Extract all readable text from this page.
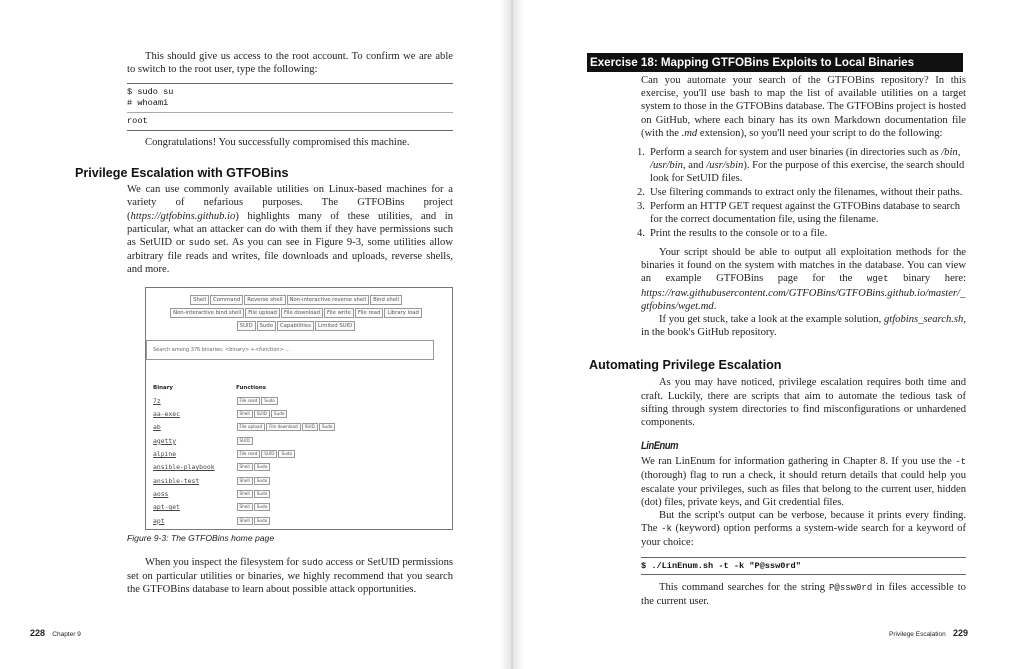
This should give us access to the root account. To confirm we are able to switch to the root user, type the following:
$ sudo su
# whoami
root
Congratulations! You successfully compromised this machine.
Privilege Escalation with GTFOBins
We can use commonly available utilities on Linux-based machines for a variety of nefarious purposes. The GTFOBins project (https://gtfobins.github.io) highlights many of these utilities, and in particular, what an attacker can do with them if they have permissions such as SetUID or sudo set. As you can see in Figure 9-3, some utilities allow arbitrary file reads and writes, file downloads and uploads, reverse shells, and more.
Shell Command Reverse shell Non-interactive reverse shell Bind shell
Non-interactive bind shell File upload File download File write File read Library load
SUID Sudo Capabilities Limited SUID
Search among 376 binaries: <binary> +<function> ...
Binary	Functions
7z	File read Sudo
aa-exec	Shell SUID Sudo
ab	File upload File download SUID Sudo
agetty	SUID
alpine	File read SUID Sudo
ansible-playbook	Shell Sudo
ansible-test	Shell Sudo
aoss	Shell Sudo
apt-get	Shell Sudo
apt	Shell Sudo
Figure 9-3: The GTFOBins home page
When you inspect the filesystem for sudo access or SetUID permissions set on particular utilities or binaries, we highly recommend that you search the GTFOBins database to learn about possible attack opportunities.
228 Chapter 9
Exercise 18: Mapping GTFOBins Exploits to Local Binaries
Can you automate your search of the GTFOBins repository? In this exercise, you'll use bash to map the list of available utilities on a target system to those in the GTFOBins database. The GTFOBins project is hosted on GitHub, where each binary has its own Markdown documentation file (with the .md extension), so you'll need your script to do the following:
1. Perform a search for system and user binaries (in directories such as /bin, /usr/bin, and /usr/sbin). For the purpose of this exercise, the search should look for SetUID files.
2. Use filtering commands to extract only the filenames, without their paths.
3. Perform an HTTP GET request against the GTFOBins database to search for the correct documentation file, using the filename.
4. Print the results to the console or to a file.
Your script should be able to output all exploitation methods for the binaries it found on the system with matches in the database. You can view an example GTFOBins page for the wget binary here: https://raw.githubusercontent.com/GTFOBins/GTFOBins.github.io/master/_gtfobins/wget.md.
If you get stuck, take a look at the example solution, gtfobins_search.sh, in the book's GitHub repository.
Automating Privilege Escalation
As you may have noticed, privilege escalation requires both time and craft. Luckily, there are scripts that aim to automate the tedious task of sifting through system directories to find misconfigurations or unhardened components.
LinEnum
We ran LinEnum for information gathering in Chapter 8. If you use the -t (thorough) flag to run a check, it should return details that could help you escalate your privileges, such as files that belong to the current user, hidden (dot) files, private keys, and Git credential files.
But the script's output can be verbose, because it prints every finding. The -k (keyword) option performs a system-wide search for a keyword of your choice:
$ ./LinEnum.sh -t -k "P@ssw0rd"
This command searches for the string P@ssw0rd in files accessible to the current user.
Privilege Escalation 229
